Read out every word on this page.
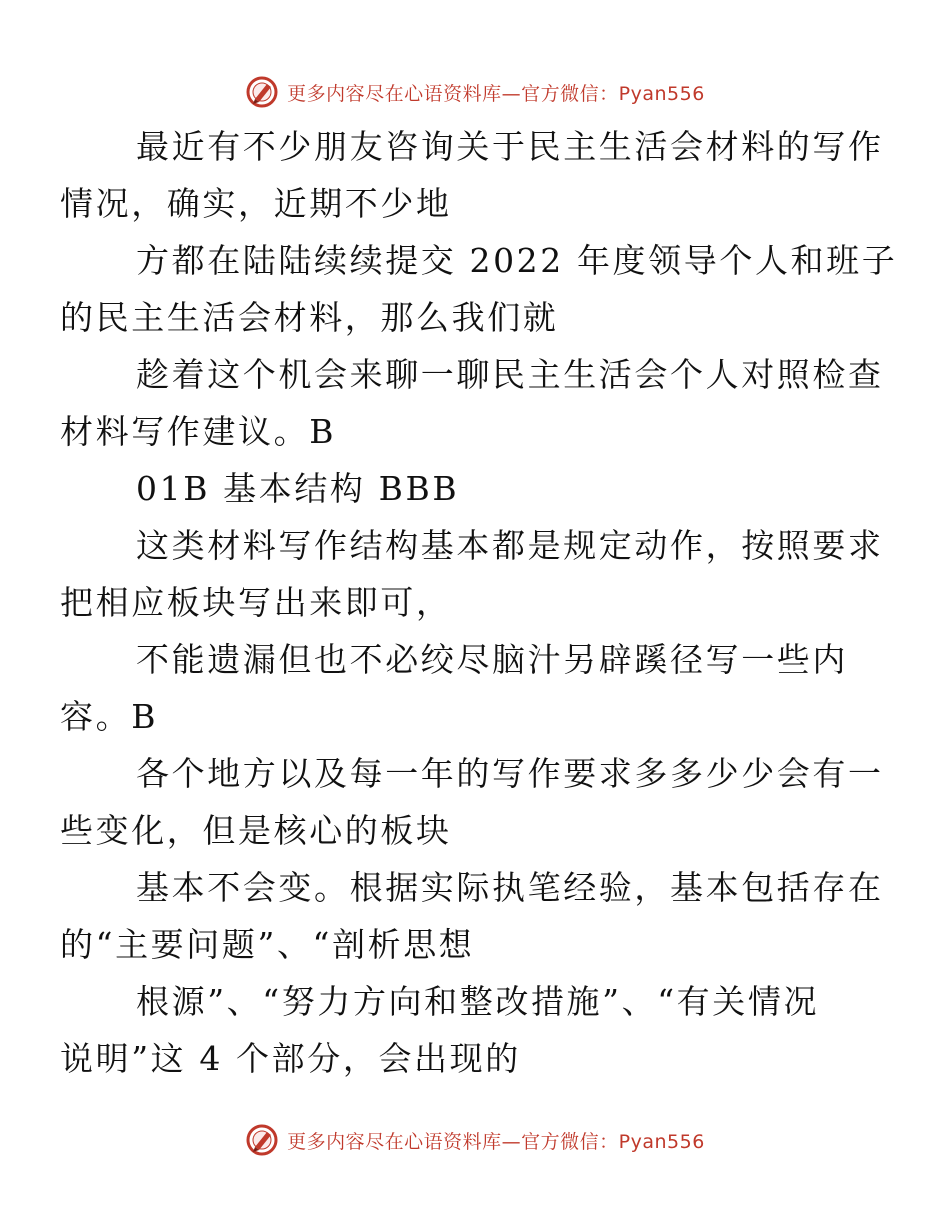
更多内容尽在心语资料库—官方微信：Pyan556

最近有不少朋友咨询关于民主生活会材料的写作
情况，确实，近期不少地

方都在陆陆续续提交 2022 年度领导个人和班子
的民主生活会材料，那么我们就

趁着这个机会来聊一聊民主生活会个人对照检查
材料写作建议。B

01B 基本结构 BBB

这类材料写作结构基本都是规定动作，按照要求
把相应板块写出来即可，

不能遗漏但也不必绞尽脑汁另辟蹊径写一些内
容。B

各个地方以及每一年的写作要求多多少少会有一
些变化，但是核心的板块

基本不会变。根据实际执笔经验，基本包括存在
的“主要问题”、“剖析思想

根源”、“努力方向和整改措施”、“有关情况
说明”这 4 个部分，会出现的

更多内容尽在心语资料库—官方微信：Pyan556
